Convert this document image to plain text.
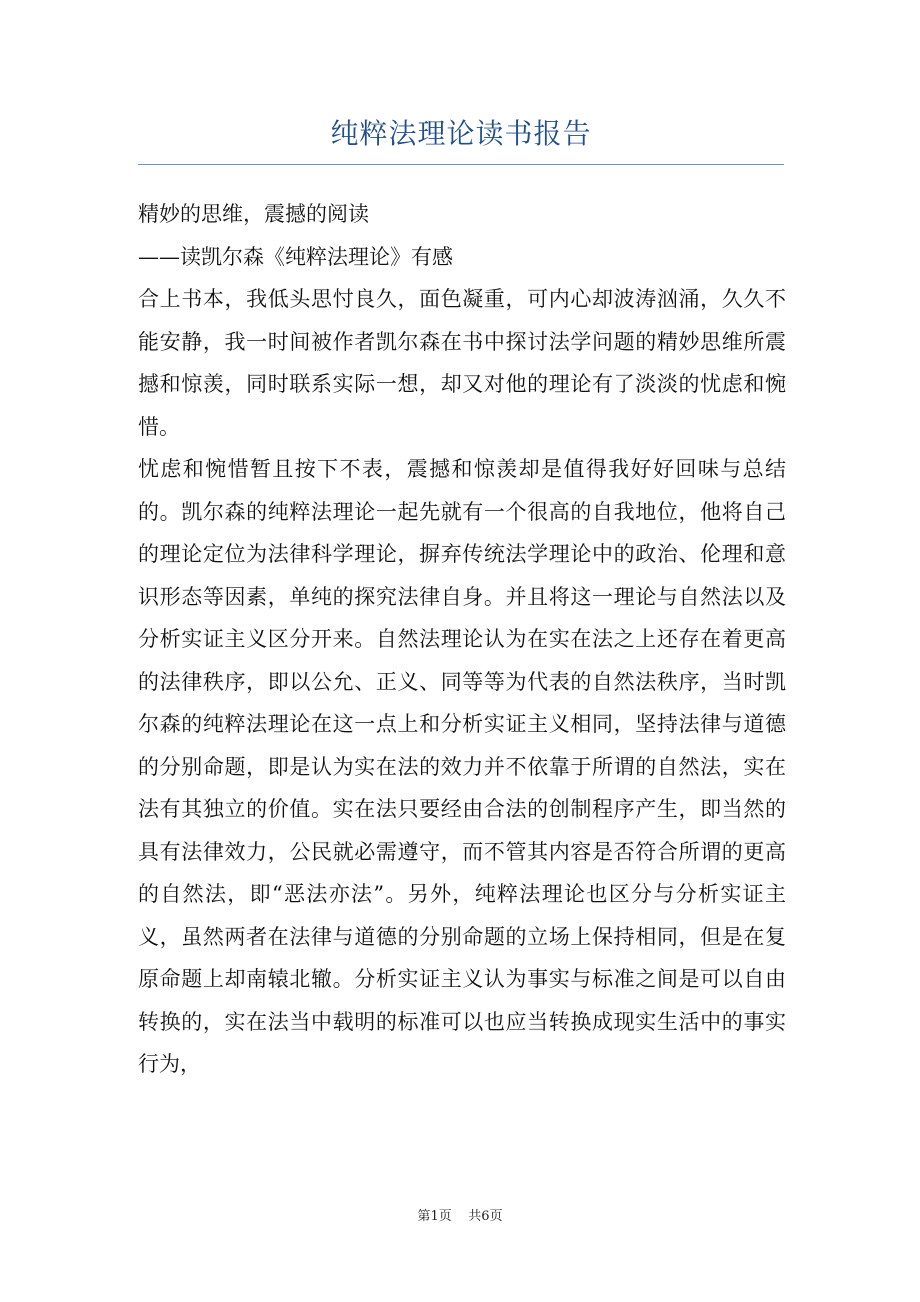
纯粹法理论读书报告

精妙的思维，震撼的阅读

——读凯尔森《纯粹法理论》有感

合上书本，我低头思忖良久，面色凝重，可内心却波涛汹涌，久久不能安静，我一时间被作者凯尔森在书中探讨法学问题的精妙思维所震撼和惊羡，同时联系实际一想，却又对他的理论有了淡淡的忧虑和惋惜。

忧虑和惋惜暂且按下不表，震撼和惊羡却是值得我好好回味与总结的。凯尔森的纯粹法理论一起先就有一个很高的自我地位，他将自己的理论定位为法律科学理论，摒弃传统法学理论中的政治、伦理和意识形态等因素，单纯的探究法律自身。并且将这一理论与自然法以及分析实证主义区分开来。自然法理论认为在实在法之上还存在着更高的法律秩序，即以公允、正义、同等等为代表的自然法秩序，当时凯尔森的纯粹法理论在这一点上和分析实证主义相同，坚持法律与道德的分别命题，即是认为实在法的效力并不依靠于所谓的自然法，实在法有其独立的价值。实在法只要经由合法的创制程序产生，即当然的具有法律效力，公民就必需遵守，而不管其内容是否符合所谓的更高的自然法，即“恶法亦法”。另外，纯粹法理论也区分与分析实证主义，虽然两者在法律与道德的分别命题的立场上保持相同，但是在复原命题上却南辕北辙。分析实证主义认为事实与标准之间是可以自由转换的，实在法当中载明的标准可以也应当转换成现实生活中的事实行为，

第1页 共6页
